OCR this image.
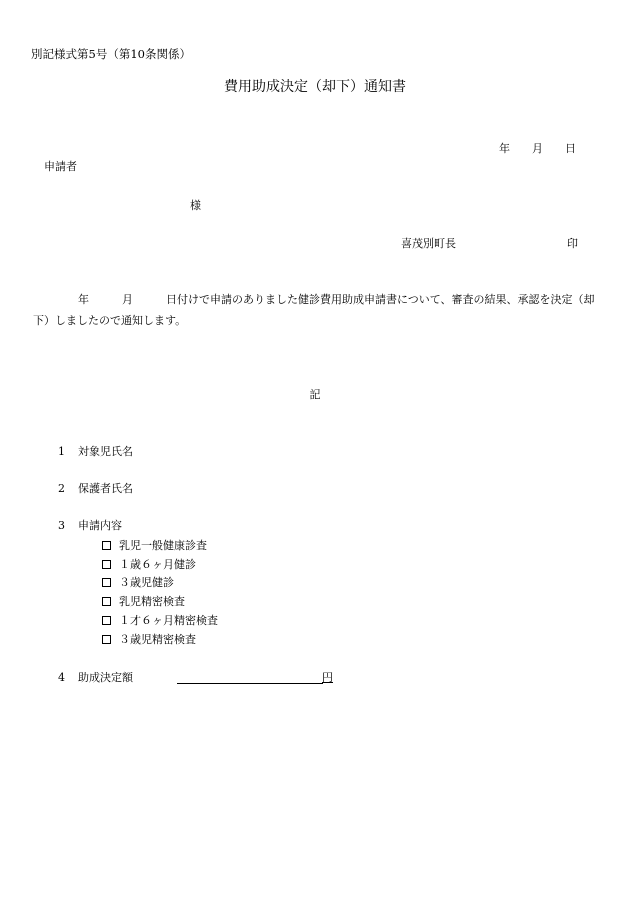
別記様式第5号（第10条関係）
費用助成決定（却下）通知書
年 月 日
申請者
様
喜茂別町長	印
年	月	日付けで申請のありました健診費用助成申請書について、審査の結果、承認を決定（却
下）しましたので通知します。
記
1 対象児氏名
2 保護者氏名
3 申請内容
乳児一般健康診査
１歳６ヶ月健診
３歳児健診
乳児精密検査
１才６ヶ月精密検査
３歳児精密検査
4 助成決定額	円
